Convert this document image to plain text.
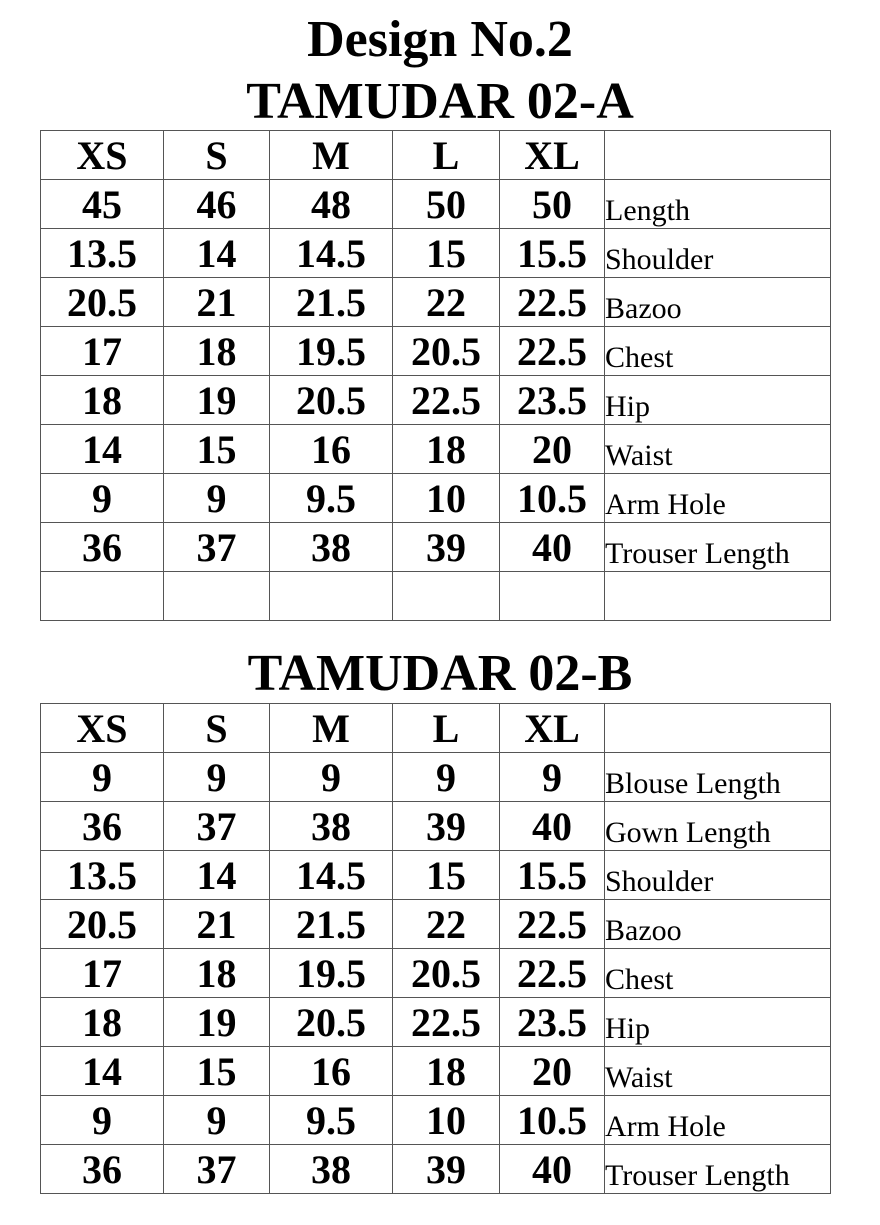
Design No.2
TAMUDAR 02-A
XS	S	M	L	XL	
45	46	48	50	50	Length
13.5	14	14.5	15	15.5	Shoulder
20.5	21	21.5	22	22.5	Bazoo
17	18	19.5	20.5	22.5	Chest
18	19	20.5	22.5	23.5	Hip
14	15	16	18	20	Waist
9	9	9.5	10	10.5	Arm Hole
36	37	38	39	40	Trouser Length

TAMUDAR 02-B
XS	S	M	L	XL	
9	9	9	9	9	Blouse Length
36	37	38	39	40	Gown Length
13.5	14	14.5	15	15.5	Shoulder
20.5	21	21.5	22	22.5	Bazoo
17	18	19.5	20.5	22.5	Chest
18	19	20.5	22.5	23.5	Hip
14	15	16	18	20	Waist
9	9	9.5	10	10.5	Arm Hole
36	37	38	39	40	Trouser Length
